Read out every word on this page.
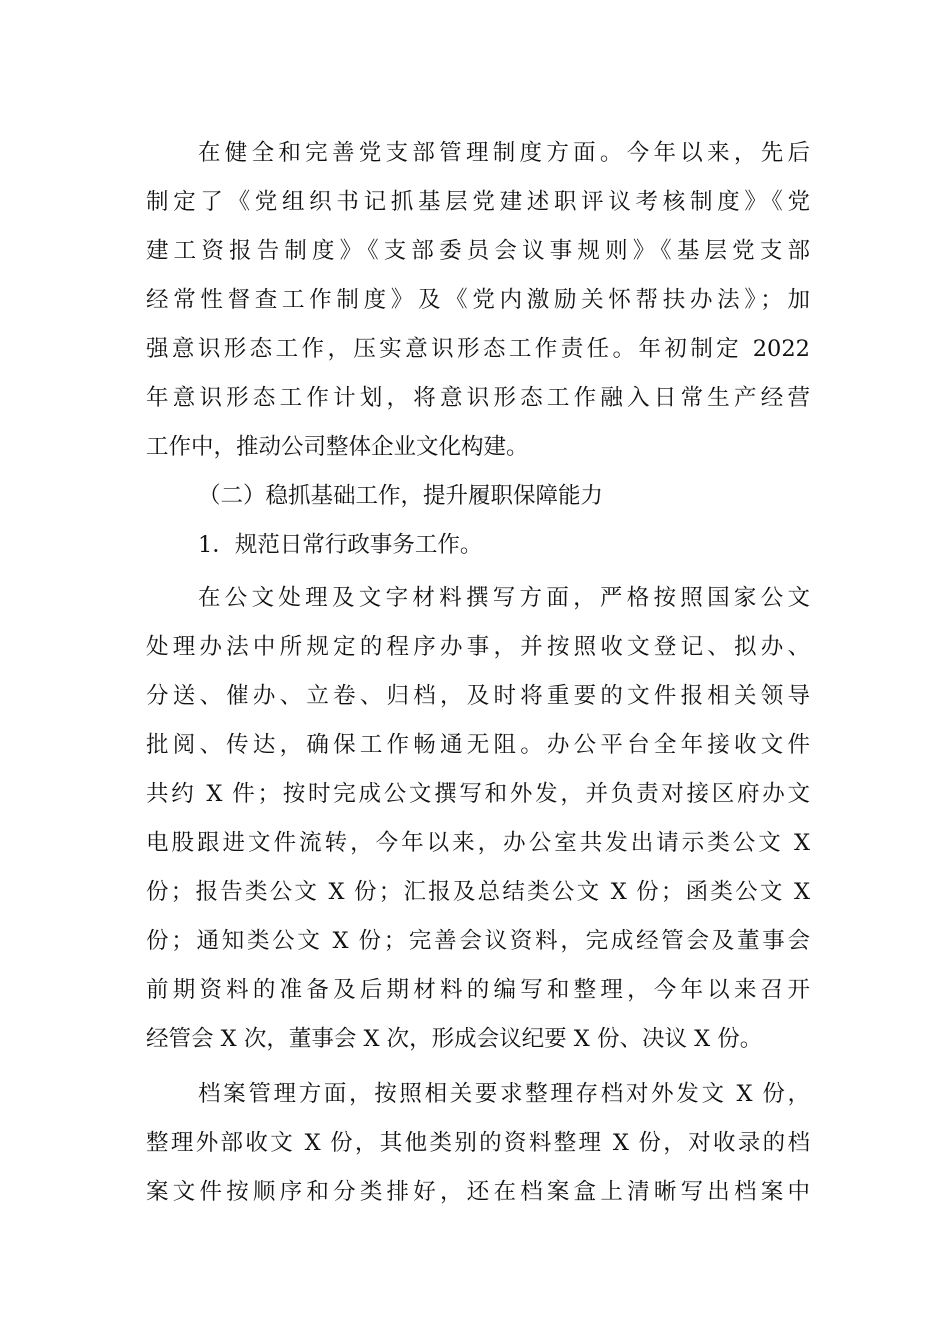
在健全和完善党支部管理制度方面。今年以来，先后
制定了《党组织书记抓基层党建述职评议考核制度》《党
建工资报告制度》《支部委员会议事规则》《基层党支部
经常性督查工作制度》及《党内激励关怀帮扶办法》；加
强意识形态工作，压实意识形态工作责任。年初制定 2022
年意识形态工作计划，将意识形态工作融入日常生产经营
工作中，推动公司整体企业文化构建。
（二）稳抓基础工作，提升履职保障能力
1．规范日常行政事务工作。
在公文处理及文字材料撰写方面，严格按照国家公文
处理办法中所规定的程序办事，并按照收文登记、拟办、
分送、催办、立卷、归档，及时将重要的文件报相关领导
批阅、传达，确保工作畅通无阻。办公平台全年接收文件
共约 X 件；按时完成公文撰写和外发，并负责对接区府办文
电股跟进文件流转，今年以来，办公室共发出请示类公文 X
份；报告类公文 X 份；汇报及总结类公文 X 份；函类公文 X
份；通知类公文 X 份；完善会议资料，完成经管会及董事会
前期资料的准备及后期材料的编写和整理，今年以来召开
经管会 X 次，董事会 X 次，形成会议纪要 X 份、决议 X 份。
档案管理方面，按照相关要求整理存档对外发文 X 份，
整理外部收文 X 份，其他类别的资料整理 X 份，对收录的档
案文件按顺序和分类排好，还在档案盒上清晰写出档案中
